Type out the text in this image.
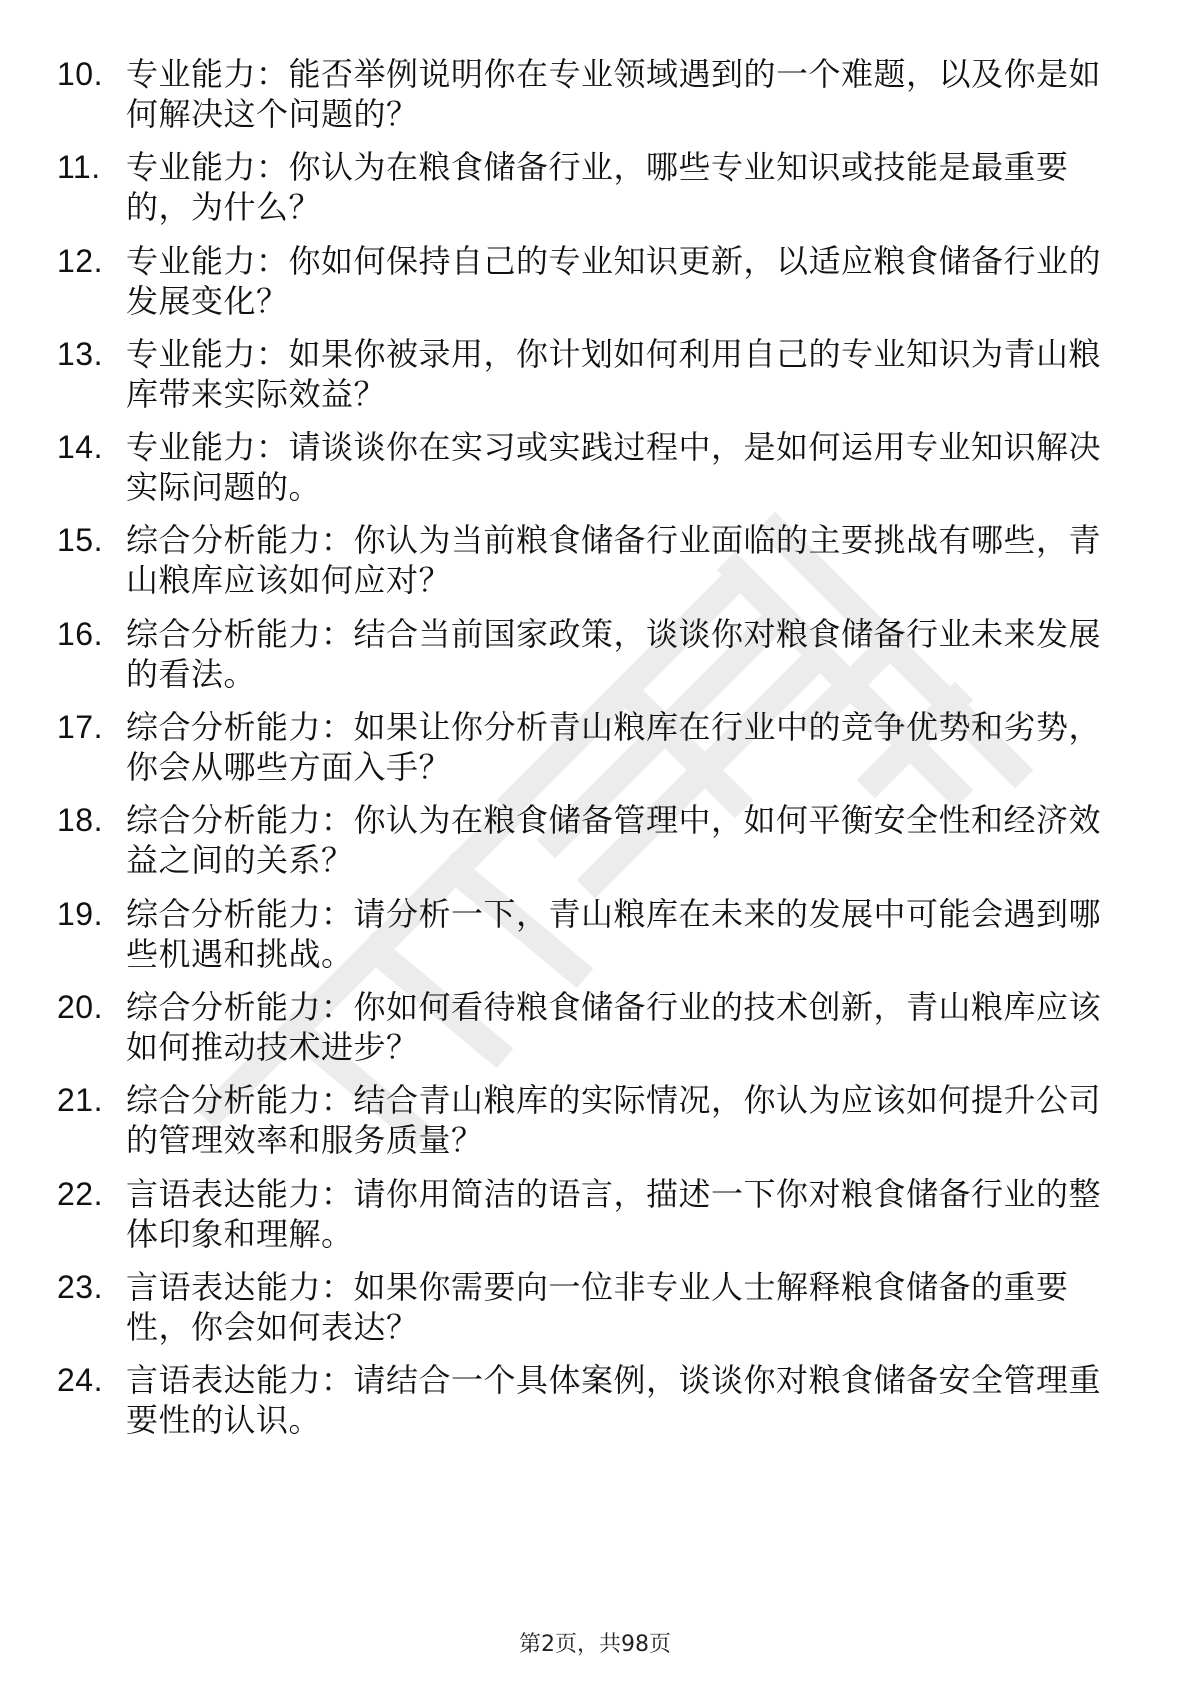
10. 专业能力：能否举例说明你在专业领域遇到的一个难题，以及你是如何解决这个问题的？
11. 专业能力：你认为在粮食储备行业，哪些专业知识或技能是最重要的，为什么？
12. 专业能力：你如何保持自己的专业知识更新，以适应粮食储备行业的发展变化？
13. 专业能力：如果你被录用，你计划如何利用自己的专业知识为青山粮库带来实际效益？
14. 专业能力：请谈谈你在实习或实践过程中，是如何运用专业知识解决实际问题的。
15. 综合分析能力：你认为当前粮食储备行业面临的主要挑战有哪些，青山粮库应该如何应对？
16. 综合分析能力：结合当前国家政策，谈谈你对粮食储备行业未来发展的看法。
17. 综合分析能力：如果让你分析青山粮库在行业中的竞争优势和劣势，你会从哪些方面入手？
18. 综合分析能力：你认为在粮食储备管理中，如何平衡安全性和经济效益之间的关系？
19. 综合分析能力：请分析一下，青山粮库在未来的发展中可能会遇到哪些机遇和挑战。
20. 综合分析能力：你如何看待粮食储备行业的技术创新，青山粮库应该如何推动技术进步？
21. 综合分析能力：结合青山粮库的实际情况，你认为应该如何提升公司的管理效率和服务质量？
22. 言语表达能力：请你用简洁的语言，描述一下你对粮食储备行业的整体印象和理解。
23. 言语表达能力：如果你需要向一位非专业人士解释粮食储备的重要性，你会如何表达？
24. 言语表达能力：请结合一个具体案例，谈谈你对粮食储备安全管理重要性的认识。
第2页，共98页
